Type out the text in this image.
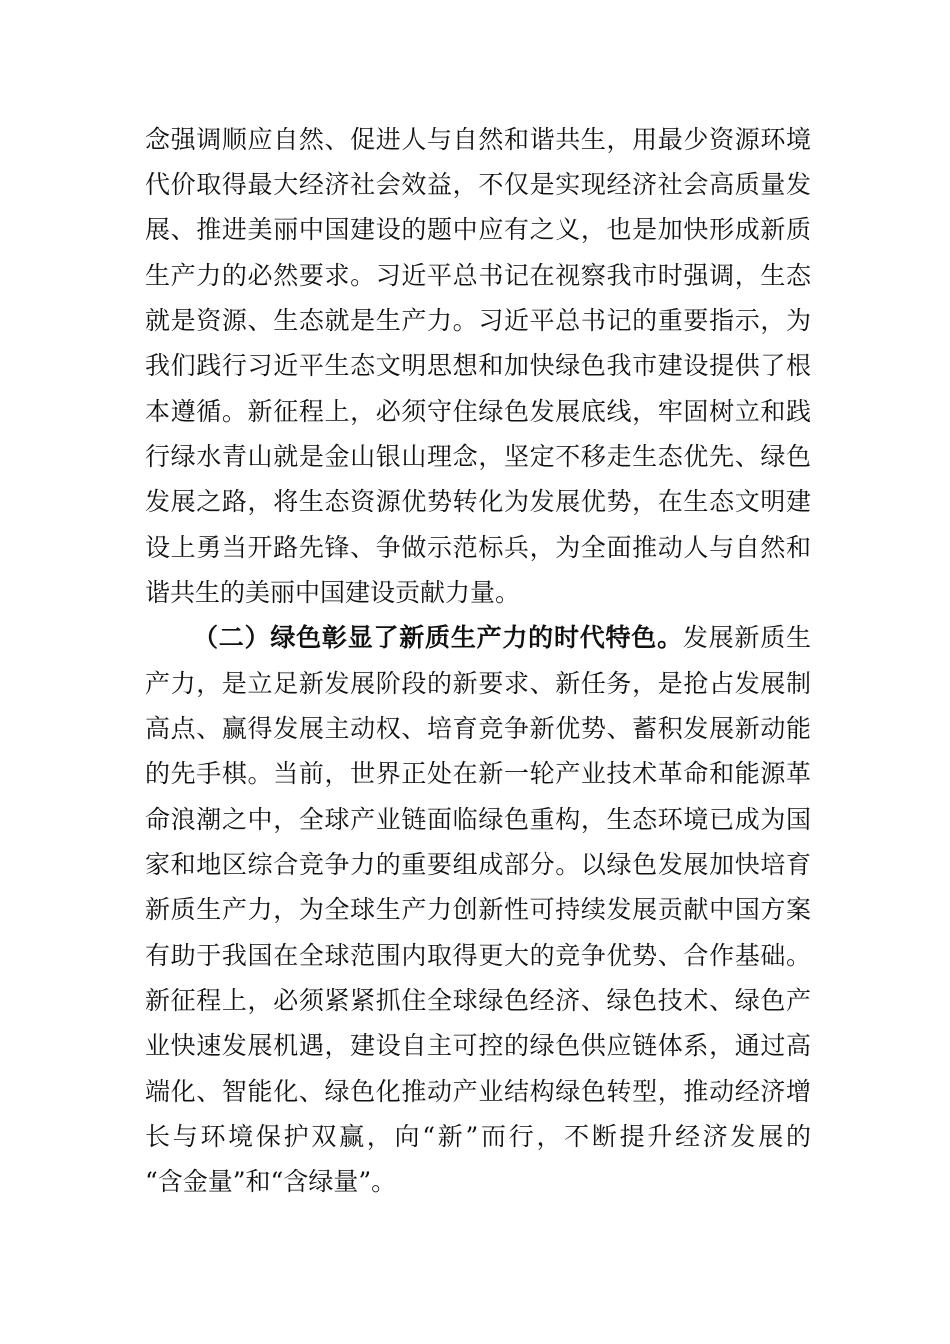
念强调顺应自然、促进人与自然和谐共生，用最少资源环境
代价取得最大经济社会效益，不仅是实现经济社会高质量发
展、推进美丽中国建设的题中应有之义，也是加快形成新质
生产力的必然要求。习近平总书记在视察我市时强调，生态
就是资源、生态就是生产力。习近平总书记的重要指示，为
我们践行习近平生态文明思想和加快绿色我市建设提供了根
本遵循。新征程上，必须守住绿色发展底线，牢固树立和践
行绿水青山就是金山银山理念，坚定不移走生态优先、绿色
发展之路，将生态资源优势转化为发展优势，在生态文明建
设上勇当开路先锋、争做示范标兵，为全面推动人与自然和
谐共生的美丽中国建设贡献力量。
（二）绿色彰显了新质生产力的时代特色。发展新质生
产力，是立足新发展阶段的新要求、新任务，是抢占发展制
高点、赢得发展主动权、培育竞争新优势、蓄积发展新动能
的先手棋。当前，世界正处在新一轮产业技术革命和能源革
命浪潮之中，全球产业链面临绿色重构，生态环境已成为国
家和地区综合竞争力的重要组成部分。以绿色发展加快培育
新质生产力，为全球生产力创新性可持续发展贡献中国方案
有助于我国在全球范围内取得更大的竞争优势、合作基础。
新征程上，必须紧紧抓住全球绿色经济、绿色技术、绿色产
业快速发展机遇，建设自主可控的绿色供应链体系，通过高
端化、智能化、绿色化推动产业结构绿色转型，推动经济增
长与环境保护双赢，向“新”而行，不断提升经济发展的
“含金量”和“含绿量”。
